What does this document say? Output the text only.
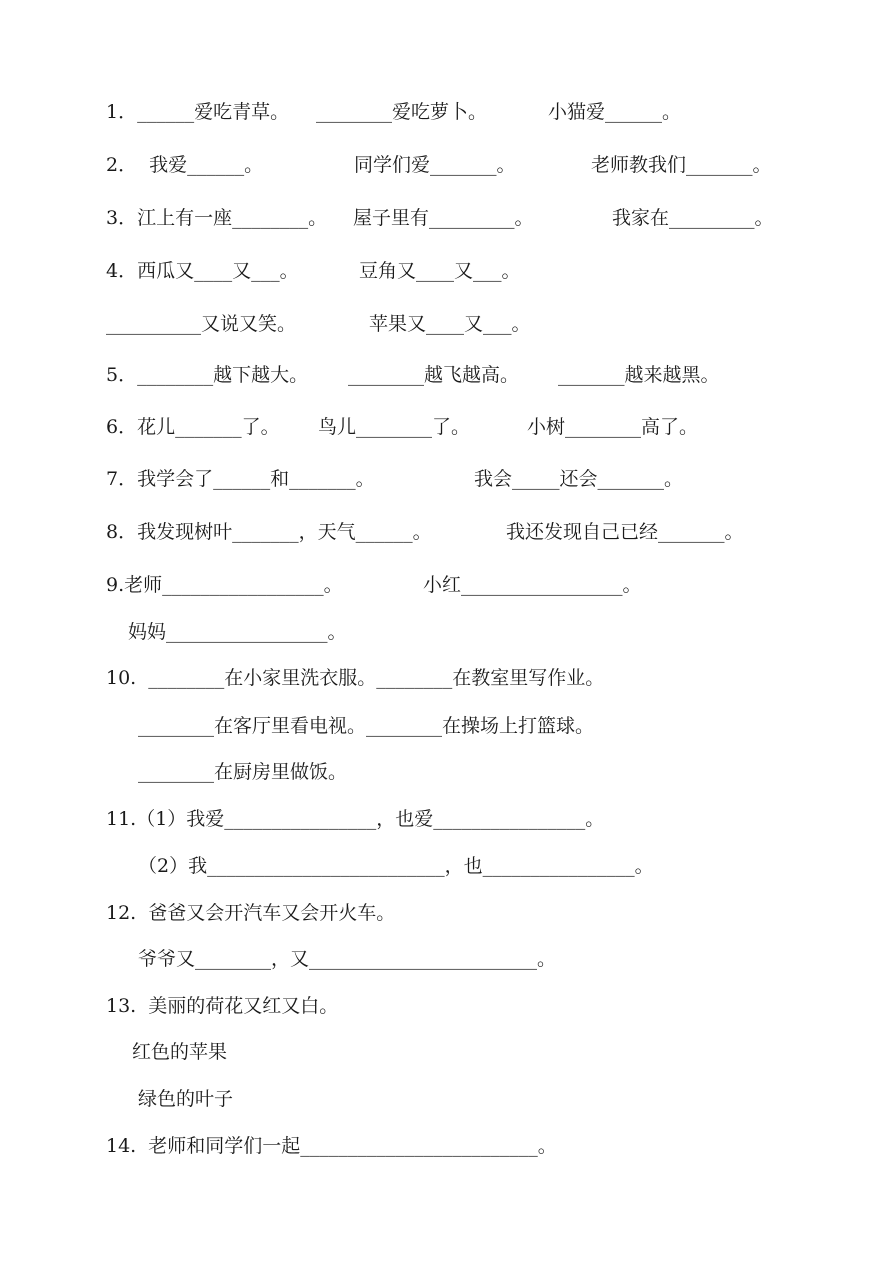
1．______爱吃青草。 ________爱吃萝卜。	小猫爱______。
2．  我爱______。	同学们爱_______。	老师教我们_______。
3．江上有一座________。 屋子里有_________。	我家在_________。
4．西瓜又____又___。	豆角又____又___。
__________又说又笑。	苹果又____又___。
5．________越下越大。 ________越飞越高。 _______越来越黑。
6．花儿_______了。 鸟儿________了。	小树________高了。
7．我学会了______和_______。	我会_____还会_______。
8．我发现树叶_______，天气______。	我还发现自己已经_______。
9.老师_________________。	小红_________________。
妈妈_________________。
10.  ________在小家里洗衣服。________在教室里写作业。
________在客厅里看电视。________在操场上打篮球。
________在厨房里做饭。
11.（1）我爱________________，也爱________________。
（2）我_________________________，也________________。
12.  爸爸又会开汽车又会开火车。
爷爷又________，又________________________。
13.  美丽的荷花又红又白。
红色的苹果
绿色的叶子
14.  老师和同学们一起_________________________。
